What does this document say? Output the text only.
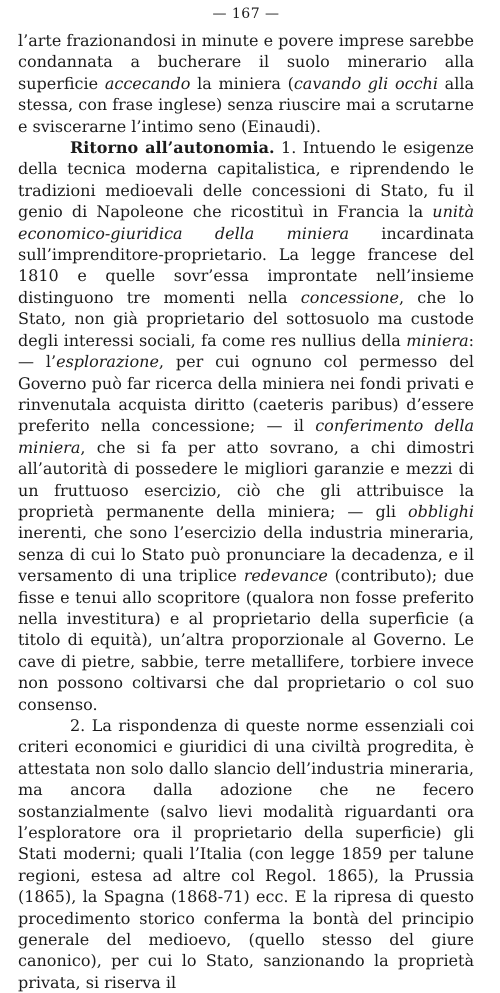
— 167 —

l’arte frazionandosi in minute e povere imprese sarebbe condannata a bucherare il suolo minerario alla superficie accecando la miniera (cavando gli occhi alla stessa, con frase inglese) senza riuscire mai a scrutarne e sviscerarne l’intimo seno (Einaudi).

Ritorno all’autonomia. 1. Intuendo le esigenze della tecnica moderna capitalistica, e riprendendo le tradizioni medioevali delle concessioni di Stato, fu il genio di Napoleone che ricostituì in Francia la unità economico-giuridica della miniera incardinata sull’imprenditore-proprietario. La legge francese del 1810 e quelle sovr’essa improntate nell’insieme distinguono tre momenti nella concessione, che lo Stato, non già proprietario del sottosuolo ma custode degli interessi sociali, fa come res nullius della miniera: — l’esplorazione, per cui ognuno col permesso del Governo può far ricerca della miniera nei fondi privati e rinvenutala acquista diritto (caeteris paribus) d’essere preferito nella concessione; — il conferimento della miniera, che si fa per atto sovrano, a chi dimostri all’autorità di possedere le migliori garanzie e mezzi di un fruttuoso esercizio, ciò che gli attribuisce la proprietà permanente della miniera; — gli obblighi inerenti, che sono l’esercizio della industria mineraria, senza di cui lo Stato può pronunciare la decadenza, e il versamento di una triplice redevance (contributo); due fisse e tenui allo scopritore (qualora non fosse preferito nella investitura) e al proprietario della superficie (a titolo di equità), un’altra proporzionale al Governo. Le cave di pietre, sabbie, terre metallifere, torbiere invece non possono coltivarsi che dal proprietario o col suo consenso.

2. La rispondenza di queste norme essenziali coi criteri economici e giuridici di una civiltà progredita, è attestata non solo dallo slancio dell’industria mineraria, ma ancora dalla adozione che ne fecero sostanzialmente (salvo lievi modalità riguardanti ora l’esploratore ora il proprietario della superficie) gli Stati moderni; quali l’Italia (con legge 1859 per talune regioni, estesa ad altre col Regol. 1865), la Prussia (1865), la Spagna (1868-71) ecc. E la ripresa di questo procedimento storico conferma la bontà del principio generale del medioevo, (quello stesso del giure canonico), per cui lo Stato, sanzionando la proprietà privata, si riserva il
